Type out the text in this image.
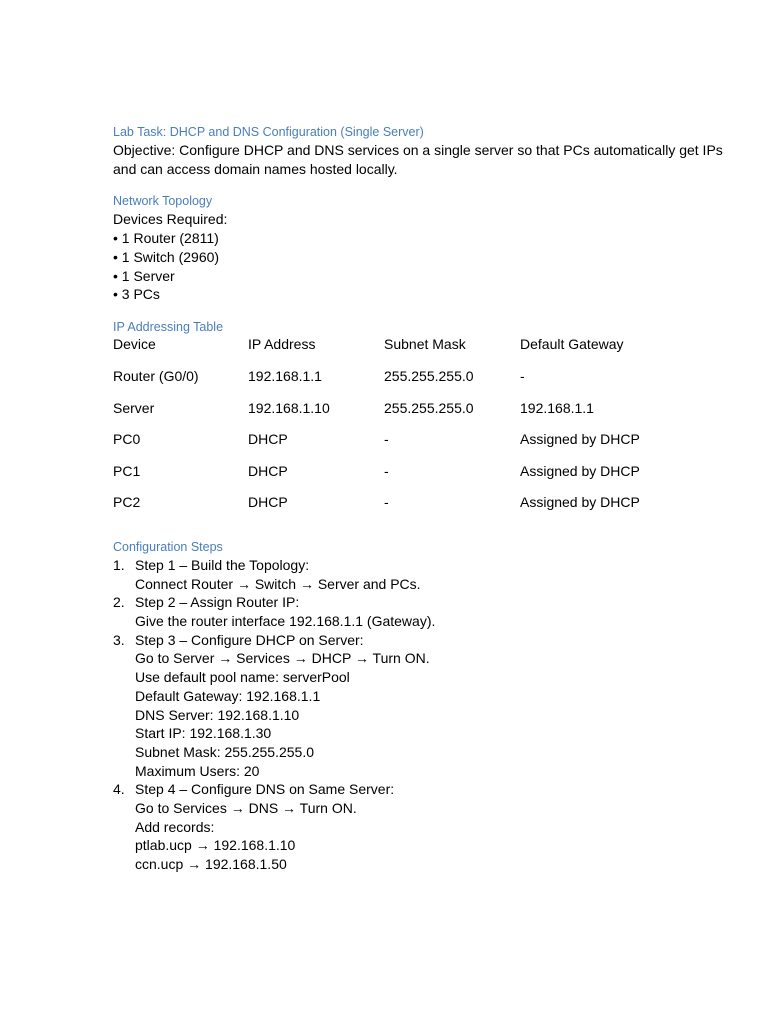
Lab Task: DHCP and DNS Configuration (Single Server)

Objective: Configure DHCP and DNS services on a single server so that PCs automatically get IPs and can access domain names hosted locally.

Network Topology

Devices Required:
• 1 Router (2811)
• 1 Switch (2960)
• 1 Server
• 3 PCs

IP Addressing Table

Device	IP Address	Subnet Mask	Default Gateway
Router (G0/0)	192.168.1.1	255.255.255.0	-
Server	192.168.1.10	255.255.255.0	192.168.1.1
PC0	DHCP	-	Assigned by DHCP
PC1	DHCP	-	Assigned by DHCP
PC2	DHCP	-	Assigned by DHCP

Configuration Steps

1. Step 1 – Build the Topology:
Connect Router → Switch → Server and PCs.
2. Step 2 – Assign Router IP:
Give the router interface 192.168.1.1 (Gateway).
3. Step 3 – Configure DHCP on Server:
Go to Server → Services → DHCP → Turn ON.
Use default pool name: serverPool
Default Gateway: 192.168.1.1
DNS Server: 192.168.1.10
Start IP: 192.168.1.30
Subnet Mask: 255.255.255.0
Maximum Users: 20
4. Step 4 – Configure DNS on Same Server:
Go to Services → DNS → Turn ON.
Add records:
ptlab.ucp → 192.168.1.10
ccn.ucp → 192.168.1.50
